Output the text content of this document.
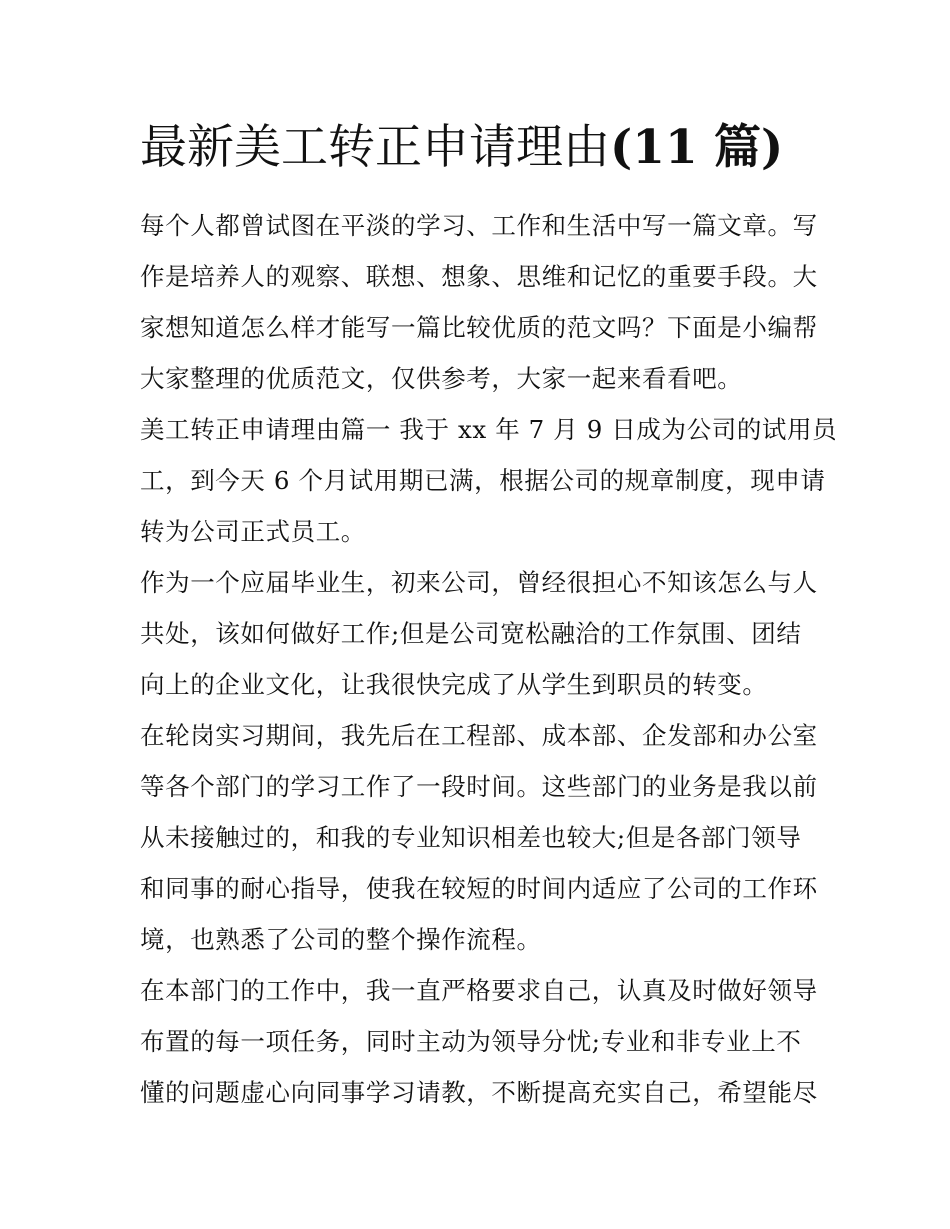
最新美工转正申请理由(11 篇)

每个人都曾试图在平淡的学习、工作和生活中写一篇文章。写
作是培养人的观察、联想、想象、思维和记忆的重要手段。大
家想知道怎么样才能写一篇比较优质的范文吗？下面是小编帮
大家整理的优质范文，仅供参考，大家一起来看看吧。

美工转正申请理由篇一 我于 xx 年 7 月 9 日成为公司的试用员
工，到今天 6 个月试用期已满，根据公司的规章制度，现申请
转为公司正式员工。

作为一个应届毕业生，初来公司，曾经很担心不知该怎么与人
共处，该如何做好工作;但是公司宽松融洽的工作氛围、团结
向上的企业文化，让我很快完成了从学生到职员的转变。

在轮岗实习期间，我先后在工程部、成本部、企发部和办公室
等各个部门的学习工作了一段时间。这些部门的业务是我以前
从未接触过的，和我的专业知识相差也较大;但是各部门领导
和同事的耐心指导，使我在较短的时间内适应了公司的工作环
境，也熟悉了公司的整个操作流程。

在本部门的工作中，我一直严格要求自己，认真及时做好领导
布置的每一项任务，同时主动为领导分忧;专业和非专业上不
懂的问题虚心向同事学习请教，不断提高充实自己，希望能尽
